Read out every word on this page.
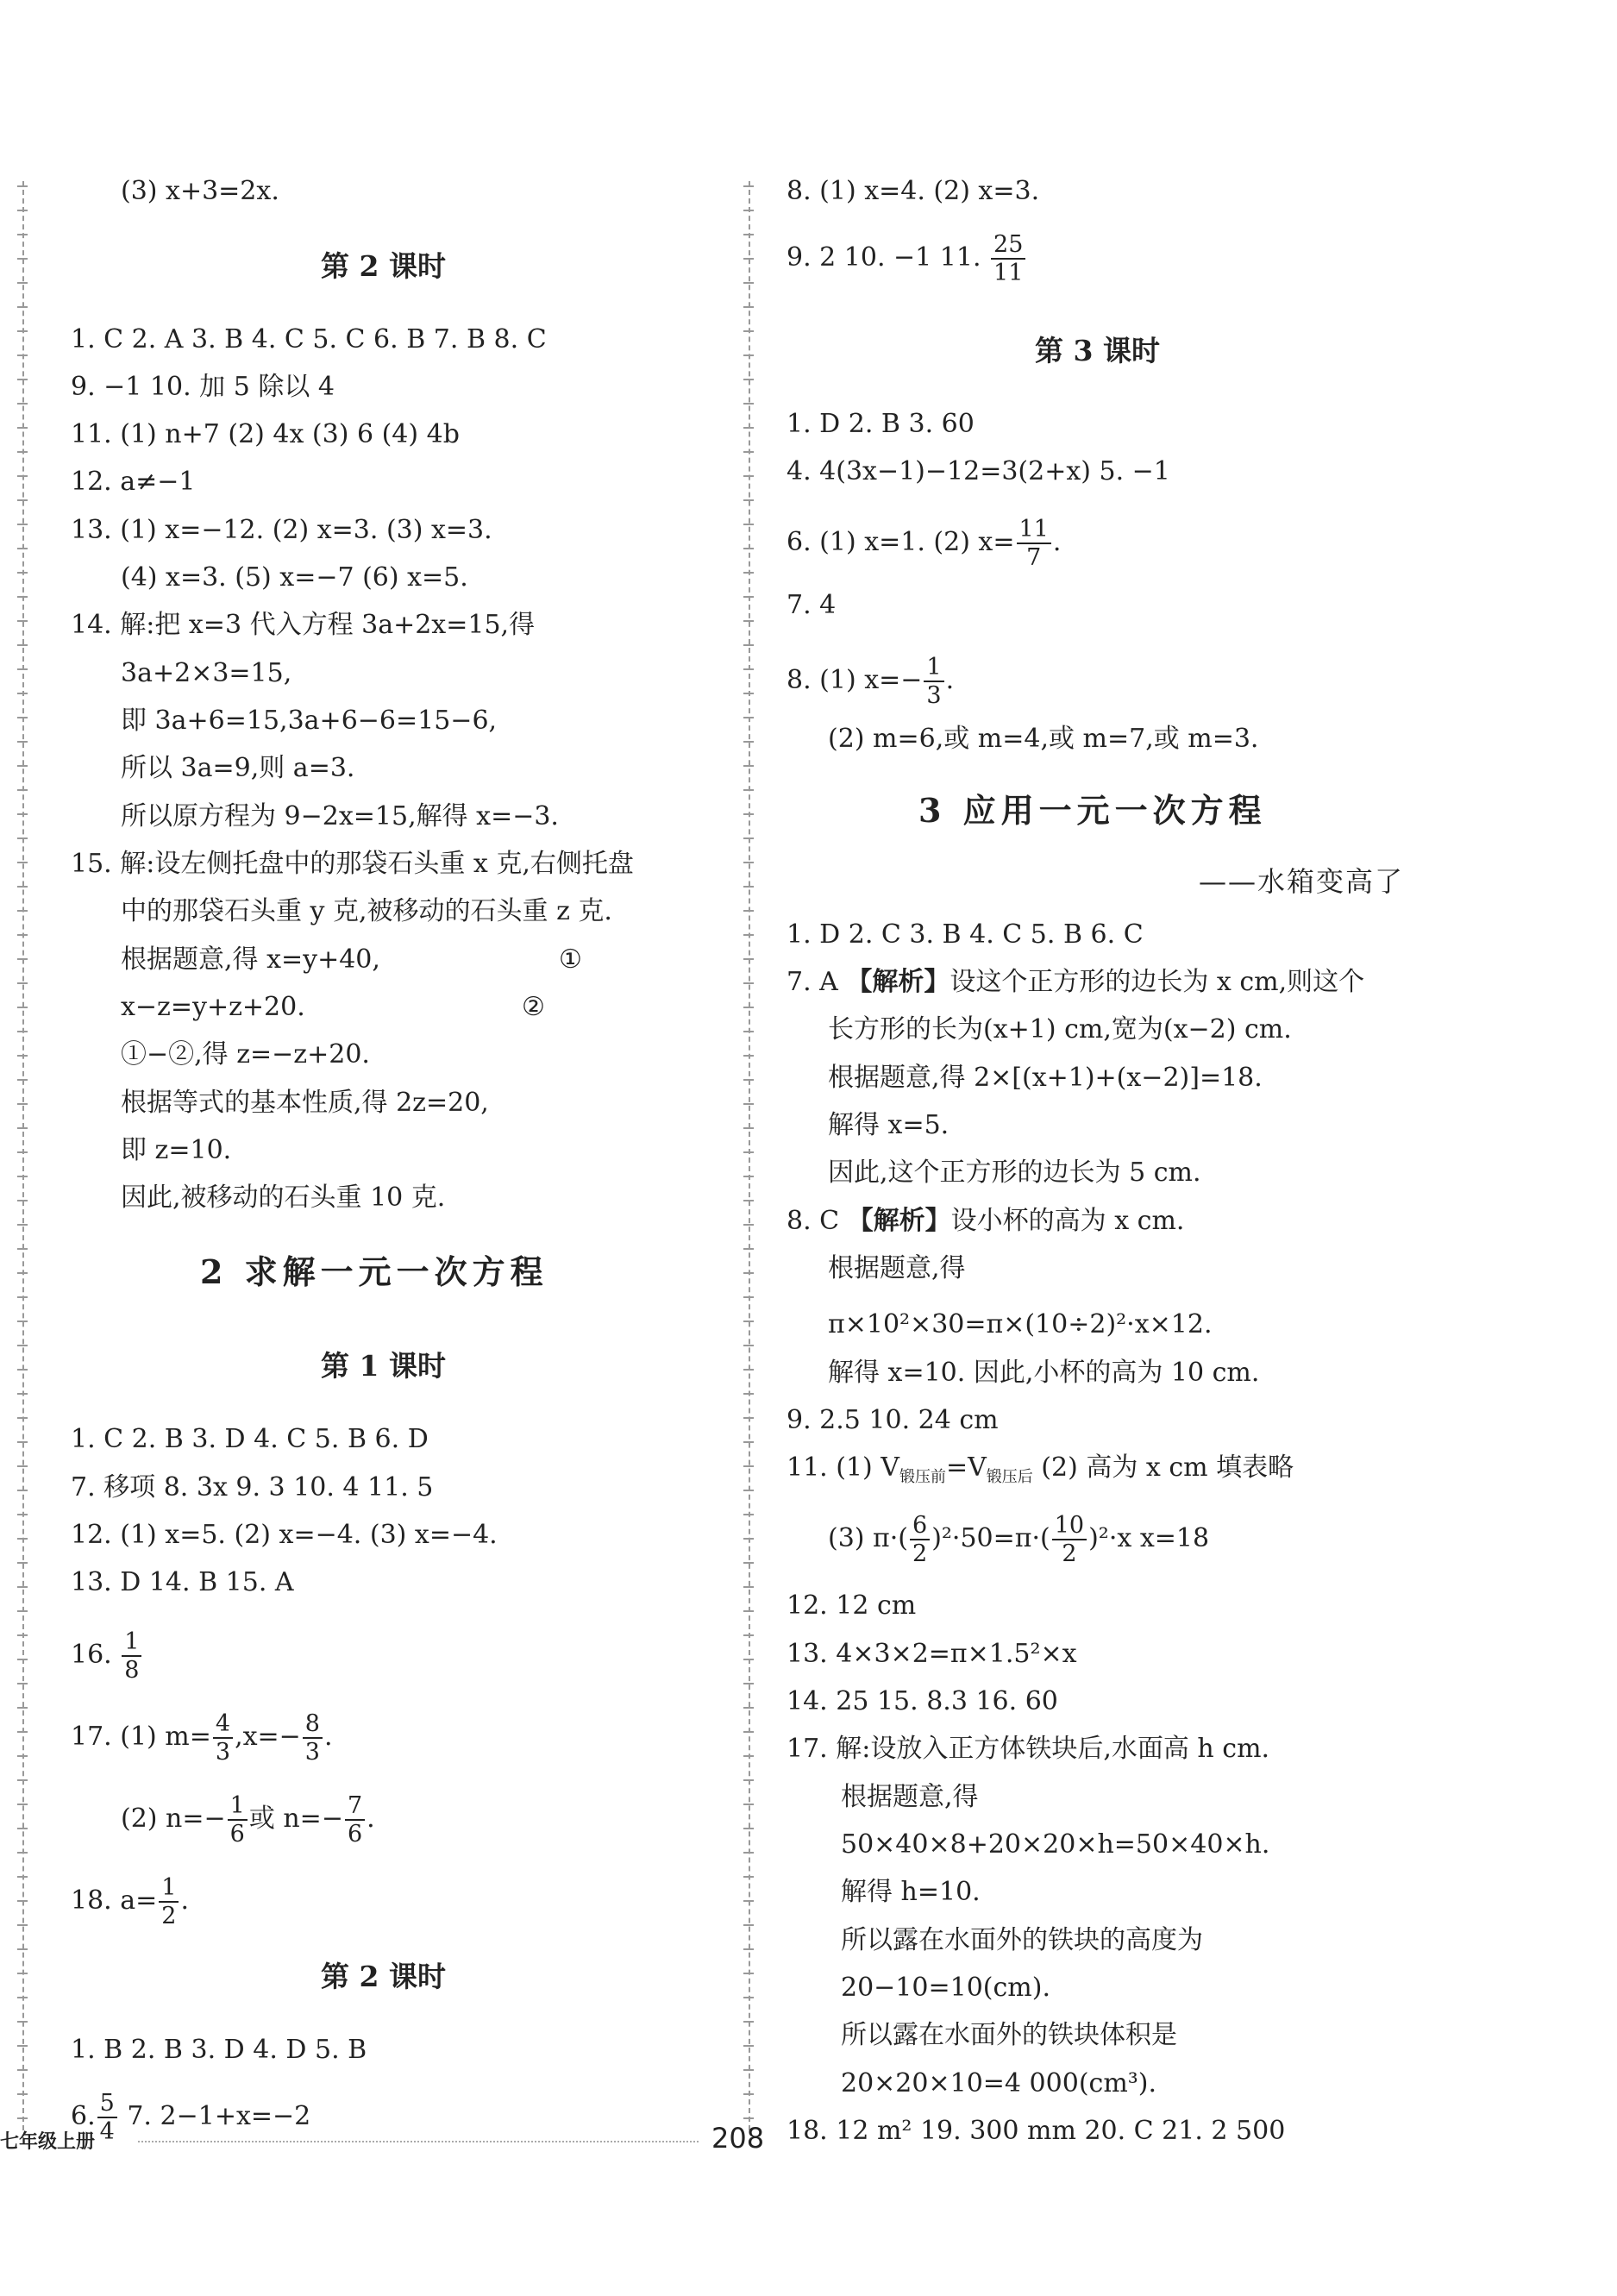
(3) x+3=2x.
第 2 课时
1. C 2. A 3. B 4. C 5. C 6. B 7. B 8. C
9. −1 10. 加 5 除以 4
11. (1) n+7 (2) 4x (3) 6 (4) 4b
12. a≠−1
13. (1) x=−12. (2) x=3. (3) x=3.
(4) x=3. (5) x=−7 (6) x=5.
14. 解:把 x=3 代入方程 3a+2x=15,得
3a+2×3=15,
即 3a+6=15,3a+6−6=15−6,
所以 3a=9,则 a=3.
所以原方程为 9−2x=15,解得 x=−3.
15. 解:设左侧托盘中的那袋石头重 x 克,右侧托盘
中的那袋石头重 y 克,被移动的石头重 z 克.
根据题意,得 x=y+40,	①
x−z=y+z+20.	②
①−②,得 z=−z+20.
根据等式的基本性质,得 2z=20,
即 z=10.
因此,被移动的石头重 10 克.
2 求解一元一次方程
第 1 课时
1. C 2. B 3. D 4. C 5. B 6. D
7. 移项 8. 3x 9. 3 10. 4 11. 5
12. (1) x=5. (2) x=−4. (3) x=−4.
13. D 14. B 15. A
16. $\frac{1}{8}$
17. (1) $m= \frac{4}{3} ,x=- \frac{8}{3}$ .
(2) $n=- \frac{1}{6}$ 或 $n=- \frac{7}{6}$ .
18. $a= \frac{1}{2}$ .
第 2 课时
1. B 2. B 3. D 4. D 5. B
6. $\frac{5}{4} 7$. 2−1+x=−2
8. (1) x=4. (2) x=3.
9. 2 10. −1 11. $\frac{25}{11}$
第 3 课时
1. D 2. B 3. 60
4. 4(3x−1)−12=3(2+x) 5. −1
6. (1) x=1. (2) $x= \frac{11}{7}$ .
7. 4
8. (1) $x=- \frac{1}{3}$ .
(2) m=6,或 m=4,或 m=7,或 m=3.
3 应用一元一次方程
——水箱变高了
1. D 2. C 3. B 4. C 5. B 6. C
7. A 【解析】设这个正方形的边长为 x cm,则这个
长方形的长为(x+1) cm,宽为(x−2) cm.
根据题意,得 2×[(x+1)+(x−2)]=18.
解得 x=5.
因此,这个正方形的边长为 5 cm.
8. C 【解析】设小杯的高为 x cm.
根据题意,得
π×10²×30=π×(10÷2)²·x×12.
解得 x=10. 因此,小杯的高为 10 cm.
9. 2.5 10. 24 cm
11. (1) $V_{锻压前}=V_{锻压后}$ (2) 高为 x cm 填表略
(3) $\pi\cdot( \frac{6}{2} )^2\cdot 50=\pi\cdot( \frac{10}{2} )^2\cdot x$ x=18
12. 12 cm
13. 4×3×2=π×1.5²×x
14. 25 15. 8.3 16. 60
17. 解:设放入正方体铁块后,水面高 h cm.
根据题意,得
50×40×8+20×20×h=50×40×h.
解得 h=10.
所以露在水面外的铁块的高度为
20−10=10(cm).
所以露在水面外的铁块体积是
20×20×10=4 000(cm³).
18. 12 m² 19. 300 mm 20. C 21. 2 500
七年级上册	208
